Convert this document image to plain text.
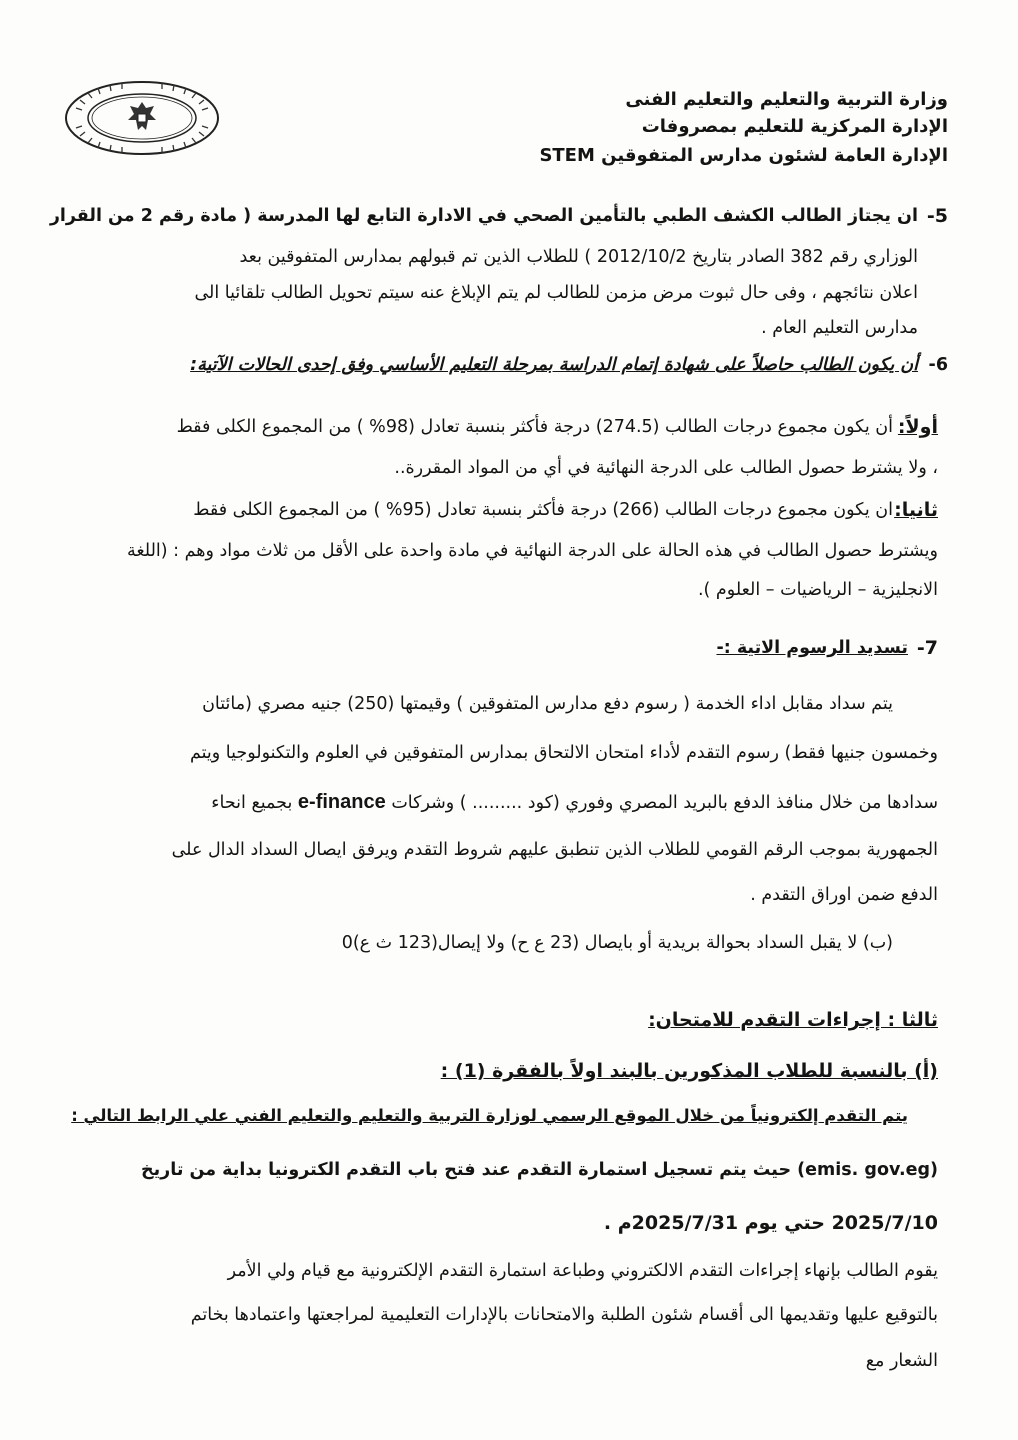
وزارة التربية والتعليم والتعليم الفنى
الإدارة المركزية للتعليم بمصروفات
الإدارة العامة لشئون مدارس المتفوقين STEM
5-
ان يجتاز الطالب الكشف الطبي بالتأمين الصحي في الادارة التابع لها المدرسة ( مادة رقم 2 من القرار
الوزاري رقم 382 الصادر بتاريخ 2012/10/2 ) للطلاب الذين تم قبولهم بمدارس المتفوقين بعد
اعلان نتائجهم ، وفى حال ثبوت مرض مزمن للطالب لم يتم الإبلاغ عنه سيتم تحويل الطالب تلقائيا الى
مدارس التعليم العام .
6-
أن يكون الطالب حاصلاً على شهادة إتمام الدراسة بمرحلة التعليم الأساسي وفق إحدى الحالات الآتية:
أولاً:
أن يكون مجموع درجات الطالب (274.5) درجة فأكثر بنسبة تعادل (98% ) من المجموع الكلى فقط
، ولا يشترط حصول الطالب على الدرجة النهائية في أي من المواد المقررة..
ثانيا:
ان يكون مجموع درجات الطالب (266) درجة فأكثر بنسبة تعادل (95% ) من المجموع الكلى فقط
ويشترط حصول الطالب في هذه الحالة على الدرجة النهائية في مادة واحدة على الأقل من ثلاث مواد وهم : (اللغة
الانجليزية – الرياضيات – العلوم ).
7-
تسديد الرسوم الاتية :-
يتم سداد مقابل اداء الخدمة ( رسوم دفع مدارس المتفوقين ) وقيمتها (250) جنيه مصري (مائتان
وخمسون جنيها فقط) رسوم التقدم لأداء امتحان الالتحاق بمدارس المتفوقين في العلوم والتكنولوجيا ويتم
سدادها من خلال منافذ الدفع بالبريد المصري وفوري (كود ......... ) وشركات e-finance بجميع انحاء
الجمهورية بموجب الرقم القومي للطلاب الذين تنطبق عليهم شروط التقدم ويرفق ايصال السداد الدال على
الدفع ضمن اوراق التقدم .
(ب) لا يقبل السداد بحوالة بريدية أو بايصال (23 ع ح) ولا إيصال(123 ث ع)0
ثالثا : إجراءات التقدم للامتحان:
(أ) بالنسبة للطلاب المذكورين بالبند اولاً بالفقرة (1) :
يتم التقدم إلكترونياً من خلال الموقع الرسمي لوزارة التربية والتعليم والتعليم الفني علي الرابط التالي :
(emis. gov.eg) حيث يتم تسجيل استمارة التقدم عند فتح باب التقدم الكترونيا بداية من تاريخ
2025/7/10 حتي يوم 2025/7/31م .
يقوم الطالب بإنهاء إجراءات التقدم الالكتروني وطباعة استمارة التقدم الإلكترونية مع قيام ولي الأمر
بالتوقيع عليها وتقديمها الى أقسام شئون الطلبة والامتحانات بالإدارات التعليمية لمراجعتها واعتمادها بخاتم
الشعار مع
